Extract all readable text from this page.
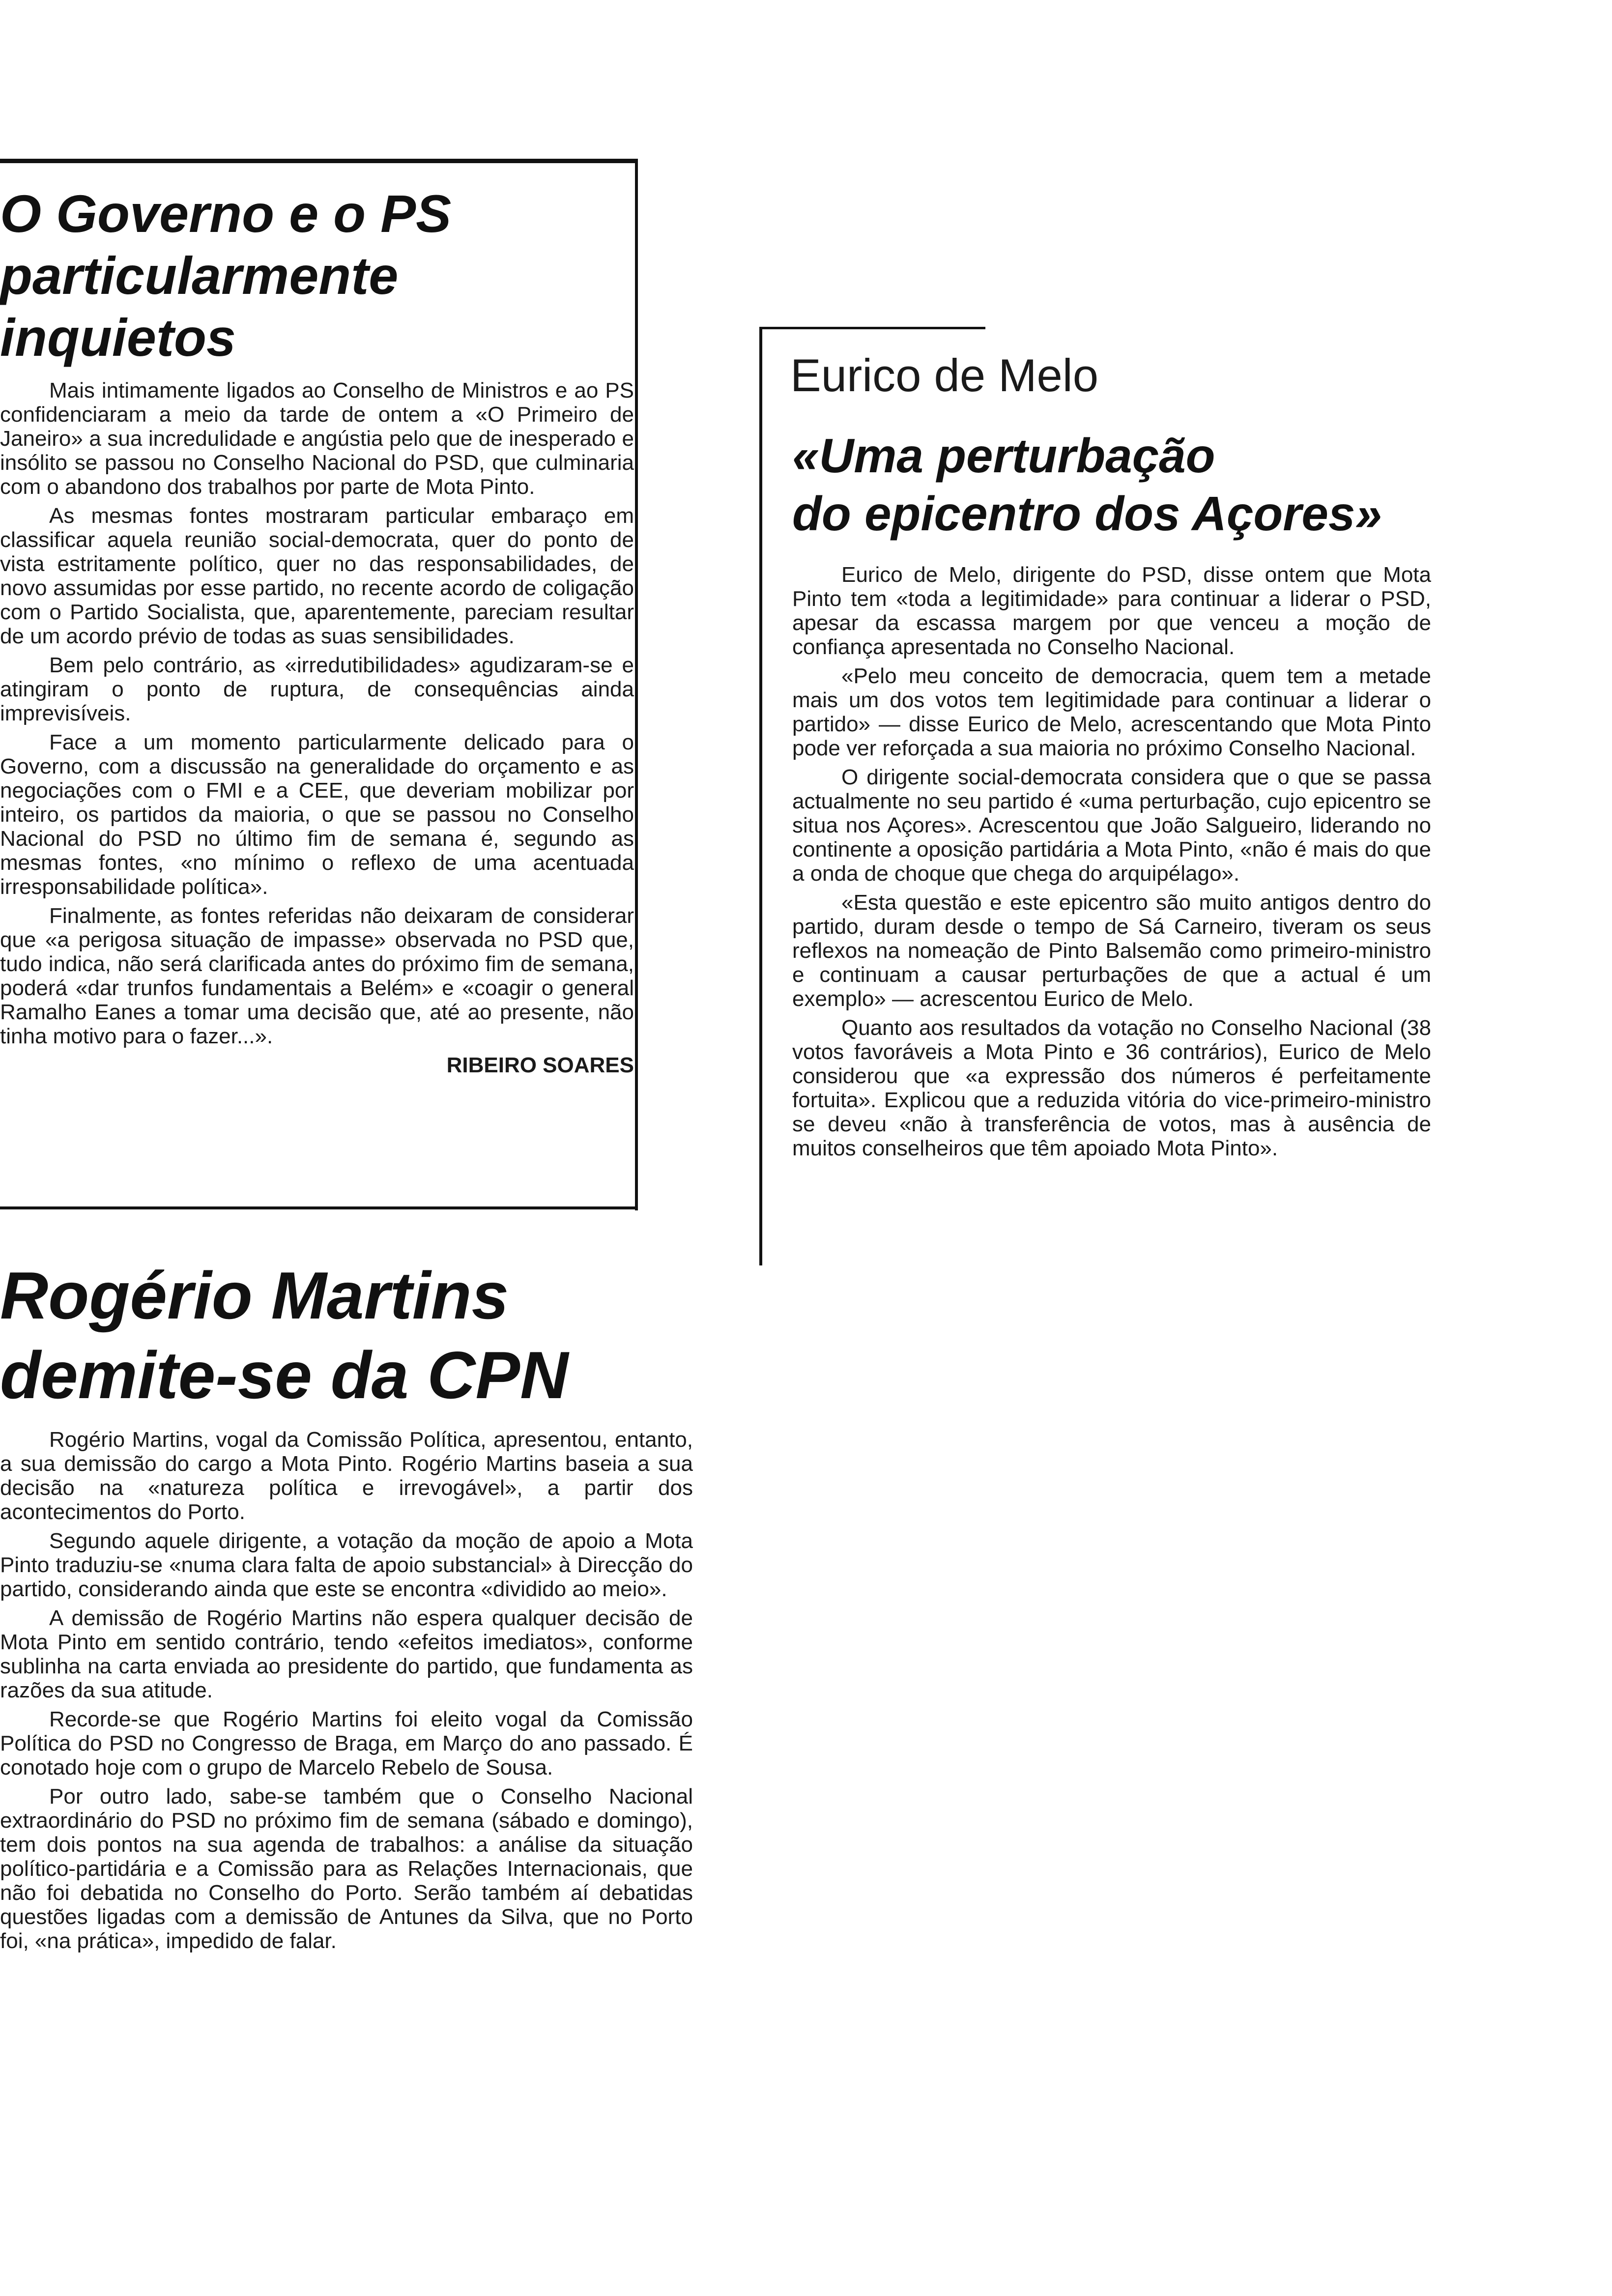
O Governo e o PS
particularmente
inquietos

Mais intimamente ligados ao Conselho de Ministros e ao PS confidenciaram a meio da tarde de ontem a «O Primeiro de Janeiro» a sua incredulidade e angústia pelo que de inesperado e insólito se passou no Conselho Nacional do PSD, que culminaria com o abandono dos trabalhos por parte de Mota Pinto.

As mesmas fontes mostraram particular embaraço em classificar aquela reunião social-democrata, quer do ponto de vista estritamente político, quer no das responsabilidades, de novo assumidas por esse partido, no recente acordo de coligação com o Partido Socialista, que, aparentemente, pareciam resultar de um acordo prévio de todas as suas sensibilidades.

Bem pelo contrário, as «irredutibilidades» agudizaram-se e atingiram o ponto de ruptura, de consequências ainda imprevisíveis.

Face a um momento particularmente delicado para o Governo, com a discussão na generalidade do orçamento e as negociações com o FMI e a CEE, que deveriam mobilizar por inteiro, os partidos da maioria, o que se passou no Conselho Nacional do PSD no último fim de semana é, segundo as mesmas fontes, «no mínimo o reflexo de uma acentuada irresponsabilidade política».

Finalmente, as fontes referidas não deixaram de considerar que «a perigosa situação de impasse» observada no PSD que, tudo indica, não será clarificada antes do próximo fim de semana, poderá «dar trunfos fundamentais a Belém» e «coagir o general Ramalho Eanes a tomar uma decisão que, até ao presente, não tinha motivo para o fazer...».

RIBEIRO SOARES
Rogério Martins
demite-se da CPN

Rogério Martins, vogal da Comissão Política, apresentou, entanto, a sua demissão do cargo a Mota Pinto. Rogério Martins baseia a sua decisão na «natureza política e irrevogável», a partir dos acontecimentos do Porto.

Segundo aquele dirigente, a votação da moção de apoio a Mota Pinto traduziu-se «numa clara falta de apoio substancial» à Direcção do partido, considerando ainda que este se encontra «dividido ao meio».

A demissão de Rogério Martins não espera qualquer decisão de Mota Pinto em sentido contrário, tendo «efeitos imediatos», conforme sublinha na carta enviada ao presidente do partido, que fundamenta as razões da sua atitude.

Recorde-se que Rogério Martins foi eleito vogal da Comissão Política do PSD no Congresso de Braga, em Março do ano passado. É conotado hoje com o grupo de Marcelo Rebelo de Sousa.

Por outro lado, sabe-se também que o Conselho Nacional extraordinário do PSD no próximo fim de semana (sábado e domingo), tem dois pontos na sua agenda de trabalhos: a análise da situação político-partidária e a Comissão para as Relações Internacionais, que não foi debatida no Conselho do Porto. Serão também aí debatidas questões ligadas com a demissão de Antunes da Silva, que no Porto foi, «na prática», impedido de falar.

Eurico de Melo
«Uma perturbação
do epicentro dos Açores»

Eurico de Melo, dirigente do PSD, disse ontem que Mota Pinto tem «toda a legitimidade» para continuar a liderar o PSD, apesar da escassa margem por que venceu a moção de confiança apresentada no Conselho Nacional.

«Pelo meu conceito de democracia, quem tem a metade mais um dos votos tem legitimidade para continuar a liderar o partido» — disse Eurico de Melo, acrescentando que Mota Pinto pode ver reforçada a sua maioria no próximo Conselho Nacional.

O dirigente social-democrata considera que o que se passa actualmente no seu partido é «uma perturbação, cujo epicentro se situa nos Açores». Acrescentou que João Salgueiro, liderando no continente a oposição partidária a Mota Pinto, «não é mais do que a onda de choque que chega do arquipélago».

«Esta questão e este epicentro são muito antigos dentro do partido, duram desde o tempo de Sá Carneiro, tiveram os seus reflexos na nomeação de Pinto Balsemão como primeiro-ministro e continuam a causar perturbações de que a actual é um exemplo» — acrescentou Eurico de Melo.

Quanto aos resultados da votação no Conselho Nacional (38 votos favoráveis a Mota Pinto e 36 contrários), Eurico de Melo considerou que «a expressão dos números é perfeitamente fortuita». Explicou que a reduzida vitória do vice-primeiro-ministro se deveu «não à transferência de votos, mas à ausência de muitos conselheiros que têm apoiado Mota Pinto».
